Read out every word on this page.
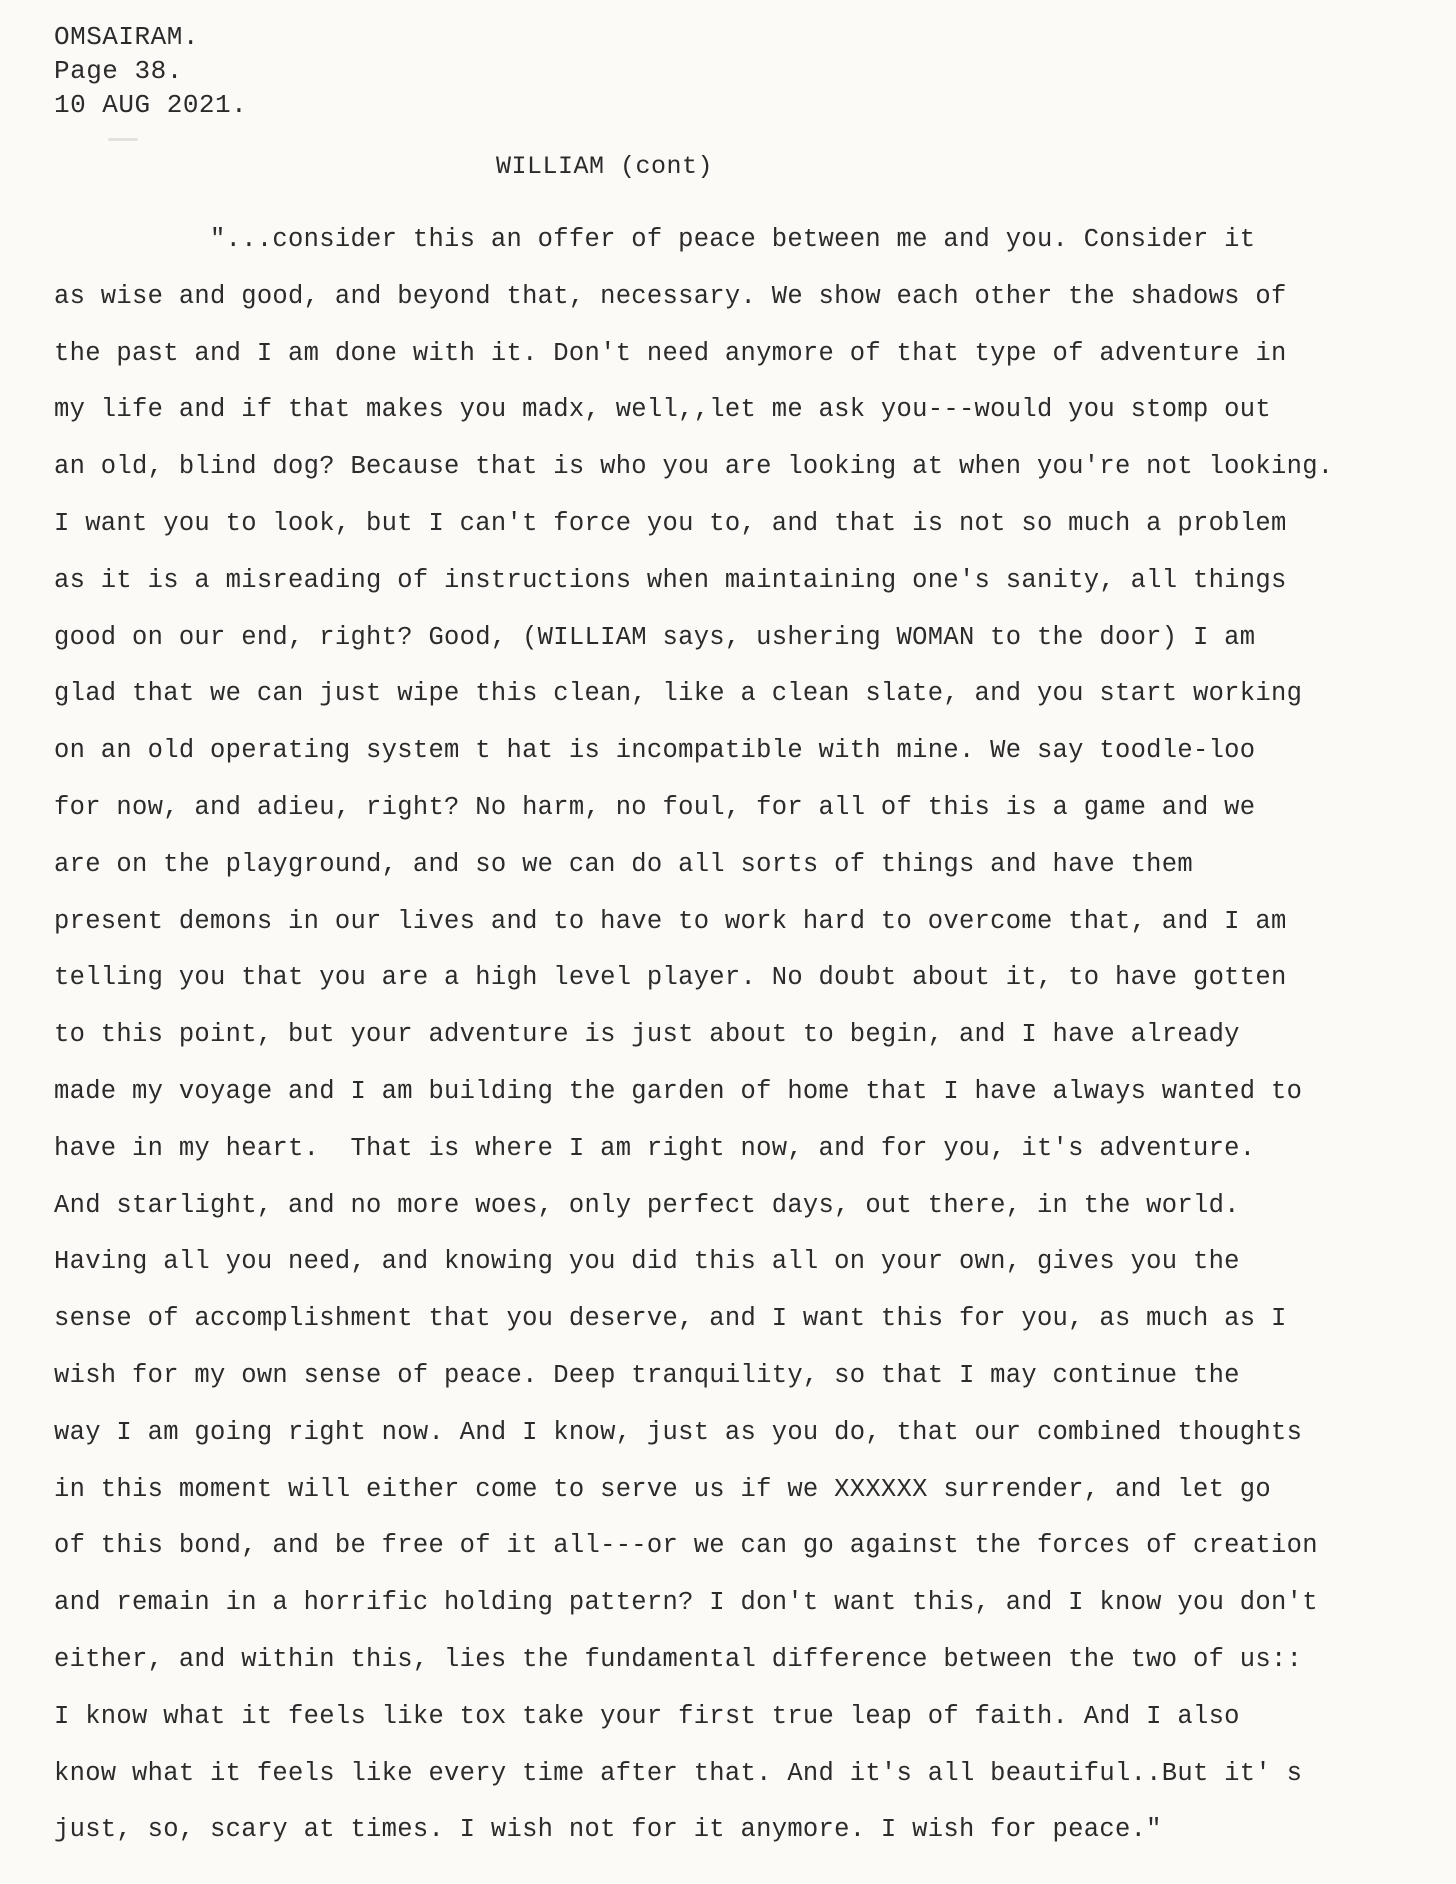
OMSAIRAM.
Page 38.
10 AUG 2021.
WILLIAM (cont)
"...consider this an offer of peace between me and you. Consider it
as wise and good, and beyond that, necessary. We show each other the shadows of
the past and I am done with it. Don't need anymore of that type of adventure in
my life and if that makes you madx, well,,let me ask you---would you stomp out
an old, blind dog? Because that is who you are looking at when you're not looking.
I want you to look, but I can't force you to, and that is not so much a problem
as it is a misreading of instructions when maintaining one's sanity, all things
good on our end, right? Good, (WILLIAM says, ushering WOMAN to the door) I am
glad that we can just wipe this clean, like a clean slate, and you start working
on an old operating system t hat is incompatible with mine. We say toodle-loo
for now, and adieu, right? No harm, no foul, for all of this is a game and we
are on the playground, and so we can do all sorts of things and have them
present demons in our lives and to have to work hard to overcome that, and I am
telling you that you are a high level player. No doubt about it, to have gotten
to this point, but your adventure is just about to begin, and I have already
made my voyage and I am building the garden of home that I have always wanted to
have in my heart.  That is where I am right now, and for you, it's adventure.
And starlight, and no more woes, only perfect days, out there, in the world.
Having all you need, and knowing you did this all on your own, gives you the
sense of accomplishment that you deserve, and I want this for you, as much as I
wish for my own sense of peace. Deep tranquility, so that I may continue the
way I am going right now. And I know, just as you do, that our combined thoughts
in this moment will either come to serve us if we XXXXXX surrender, and let go
of this bond, and be free of it all---or we can go against the forces of creation
and remain in a horrific holding pattern? I don't want this, and I know you don't
either, and within this, lies the fundamental difference between the two of us::
I know what it feels like tox take your first true leap of faith. And I also
know what it feels like every time after that. And it's all beautiful..But it' s
just, so, scary at times. I wish not for it anymore. I wish for peace."
